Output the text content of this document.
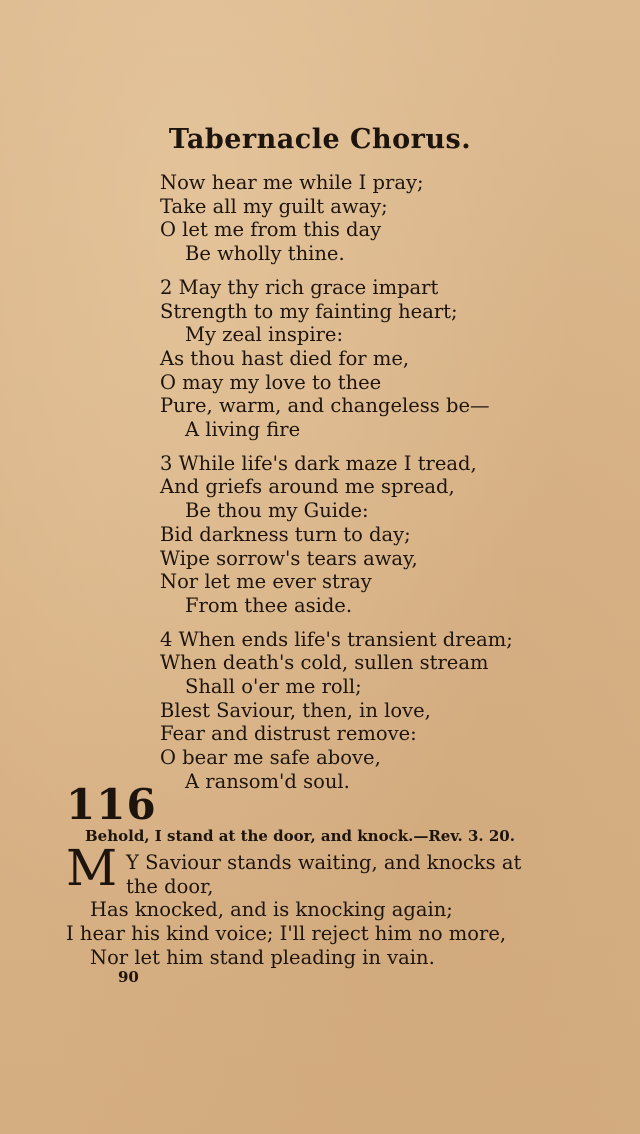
Tabernacle Chorus.
Now hear me while I pray;
Take all my guilt away;
O let me from this day
Be wholly thine.
2 May thy rich grace impart
Strength to my fainting heart;
My zeal inspire:
As thou hast died for me,
O may my love to thee
Pure, warm, and changeless be—
A living fire
3 While life's dark maze I tread,
And griefs around me spread,
Be thou my Guide:
Bid darkness turn to day;
Wipe sorrow's tears away,
Nor let me ever stray
From thee aside.
4 When ends life's transient dream;
When death's cold, sullen stream
Shall o'er me roll;
Blest Saviour, then, in love,
Fear and distrust remove:
O bear me safe above,
A ransom'd soul.
116
Behold, I stand at the door, and knock.—Rev. 3. 20.
M Y Saviour stands waiting, and knocks at
the door,
Has knocked, and is knocking again;
I hear his kind voice; I'll reject him no more,
Nor let him stand pleading in vain.
90
